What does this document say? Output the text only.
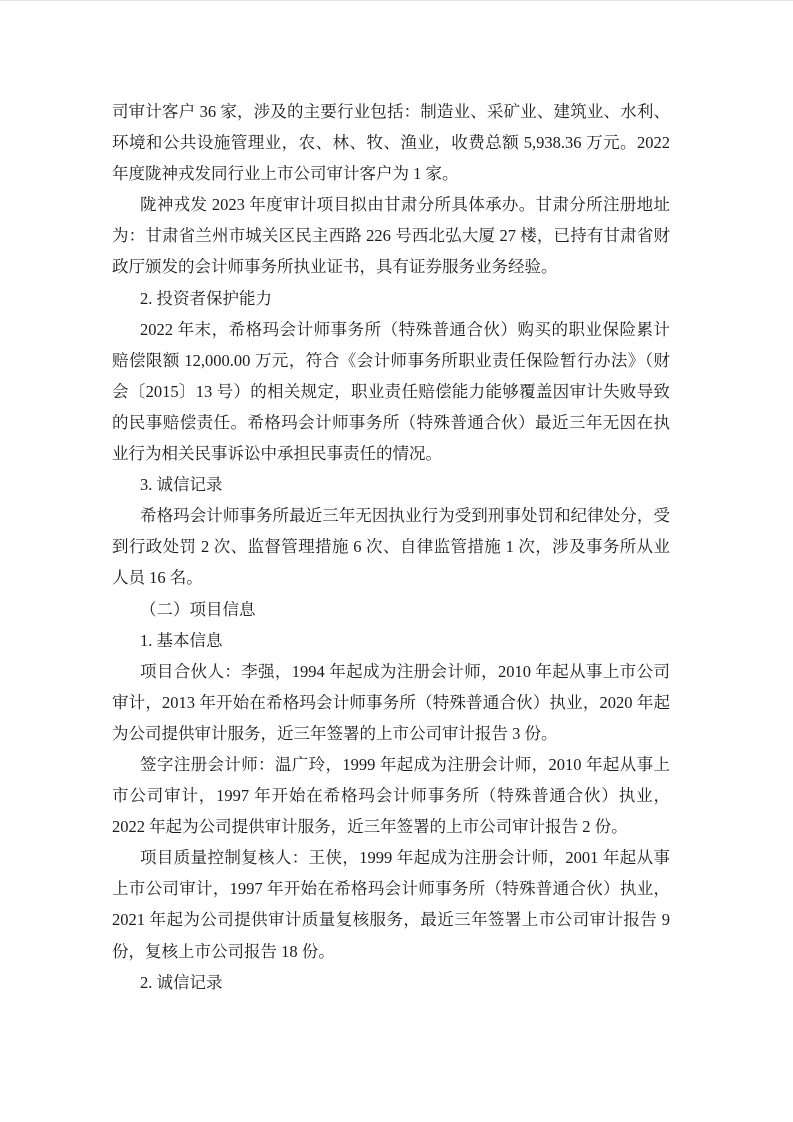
司审计客户 36 家，涉及的主要行业包括：制造业、采矿业、建筑业、水利、环境和公共设施管理业，农、林、牧、渔业，收费总额 5,938.36 万元。2022 年度陇神戎发同行业上市公司审计客户为 1 家。

陇神戎发 2023 年度审计项目拟由甘肃分所具体承办。甘肃分所注册地址为：甘肃省兰州市城关区民主西路 226 号西北弘大厦 27 楼，已持有甘肃省财政厅颁发的会计师事务所执业证书，具有证券服务业务经验。

2. 投资者保护能力

2022 年末，希格玛会计师事务所（特殊普通合伙）购买的职业保险累计赔偿限额 12,000.00 万元，符合《会计师事务所职业责任保险暂行办法》（财会〔2015〕13 号）的相关规定，职业责任赔偿能力能够覆盖因审计失败导致的民事赔偿责任。希格玛会计师事务所（特殊普通合伙）最近三年无因在执业行为相关民事诉讼中承担民事责任的情况。

3. 诚信记录

希格玛会计师事务所最近三年无因执业行为受到刑事处罚和纪律处分，受到行政处罚 2 次、监督管理措施 6 次、自律监管措施 1 次，涉及事务所从业人员 16 名。

（二）项目信息
1. 基本信息

项目合伙人：李强，1994 年起成为注册会计师，2010 年起从事上市公司审计，2013 年开始在希格玛会计师事务所（特殊普通合伙）执业，2020 年起为公司提供审计服务，近三年签署的上市公司审计报告 3 份。

签字注册会计师：温广玲，1999 年起成为注册会计师，2010 年起从事上市公司审计，1997 年开始在希格玛会计师事务所（特殊普通合伙）执业，2022 年起为公司提供审计服务，近三年签署的上市公司审计报告 2 份。

项目质量控制复核人：王侠，1999 年起成为注册会计师，2001 年起从事上市公司审计，1997 年开始在希格玛会计师事务所（特殊普通合伙）执业，2021 年起为公司提供审计质量复核服务，最近三年签署上市公司审计报告 9 份，复核上市公司报告 18 份。

2. 诚信记录
